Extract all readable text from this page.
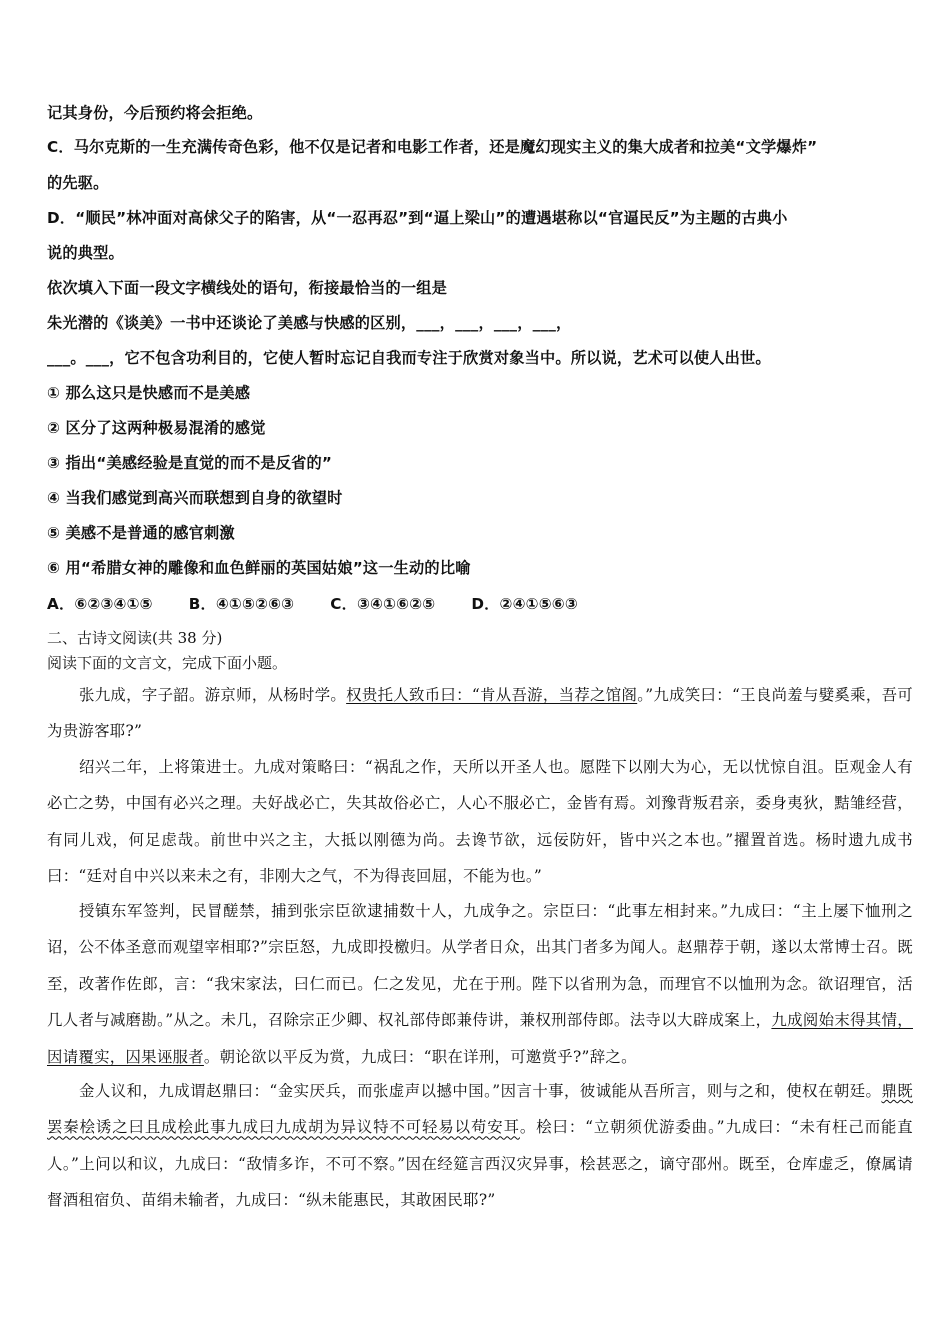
记其身份，今后预约将会拒绝。
C．马尔克斯的一生充满传奇色彩，他不仅是记者和电影工作者，还是魔幻现实主义的集大成者和拉美“文学爆炸”
的先驱。
D．“顺民”林冲面对高俅父子的陷害，从“一忍再忍”到“逼上梁山”的遭遇堪称以“官逼民反”为主题的古典小
说的典型。
依次填入下面一段文字横线处的语句，衔接最恰当的一组是
朱光潜的《谈美》一书中还谈论了美感与快感的区别，___，___，___，___，
___。___，它不包含功利目的，它使人暂时忘记自我而专注于欣赏对象当中。所以说，艺术可以使人出世。
① 那么这只是快感而不是美感
② 区分了这两种极易混淆的感觉
③ 指出“美感经验是直觉的而不是反省的”
④ 当我们感觉到高兴而联想到自身的欲望时
⑤ 美感不是普通的感官刺激
⑥ 用“希腊女神的雕像和血色鲜丽的英国姑娘”这一生动的比喻
A．⑥②③④①⑤ B．④①⑤②⑥③ C．③④①⑥②⑤ D．②④①⑤⑥③
二、古诗文阅读(共 38 分)
阅读下面的文言文，完成下面小题。
张九成，字子韶。游京师，从杨时学。权贵托人致币曰：“肯从吾游，当荐之馆阁。”九成笑曰：“王良尚羞与嬖奚乘，吾可为贵游客耶?”
绍兴二年，上将策进士。九成对策略曰：“祸乱之作，天所以开圣人也。愿陛下以刚大为心，无以忧惊自沮。臣观金人有必亡之势，中国有必兴之理。夫好战必亡，失其故俗必亡，人心不服必亡，金皆有焉。刘豫背叛君亲，委身夷狄，黠雏经营，有同儿戏，何足虑哉。前世中兴之主，大抵以刚德为尚。去谗节欲，远佞防奸，皆中兴之本也。”擢置首选。杨时遗九成书曰：“廷对自中兴以来未之有，非刚大之气，不为得丧回屈，不能为也。”
授镇东军签判，民冒醝禁，捕到张宗臣欲逮捕数十人，九成争之。宗臣曰：“此事左相封来。”九成曰：“主上屡下恤刑之诏，公不体圣意而观望宰相耶?”宗臣怒，九成即投檄归。从学者日众，出其门者多为闻人。赵鼎荐于朝，遂以太常博士召。既至，改著作佐郎，言：“我宋家法，曰仁而已。仁之发见，尤在于刑。陛下以省刑为急，而理官不以恤刑为念。欲诏理官，活几人者与减磨勘。”从之。未几，召除宗正少卿、权礼部侍郎兼侍讲，兼权刑部侍郎。法寺以大辟成案上，九成阅始末得其情，因请覆实，囚果诬服者。朝论欲以平反为赏，九成曰：“职在详刑，可邀赏乎?”辞之。
金人议和，九成谓赵鼎曰：“金实厌兵，而张虚声以撼中国。”因言十事，彼诚能从吾所言，则与之和，使权在朝廷。鼎既罢秦桧诱之曰且成桧此事九成曰九成胡为异议特不可轻易以苟安耳。桧曰：“立朝须优游委曲。”九成曰：“未有枉己而能直人。”上问以和议，九成曰：“敌情多诈，不可不察。”因在经筵言西汉灾异事，桧甚恶之，谪守邵州。既至，仓库虚乏，僚属请督酒租宿负、苗绢未输者，九成曰：“纵未能惠民，其敢困民耶?”
